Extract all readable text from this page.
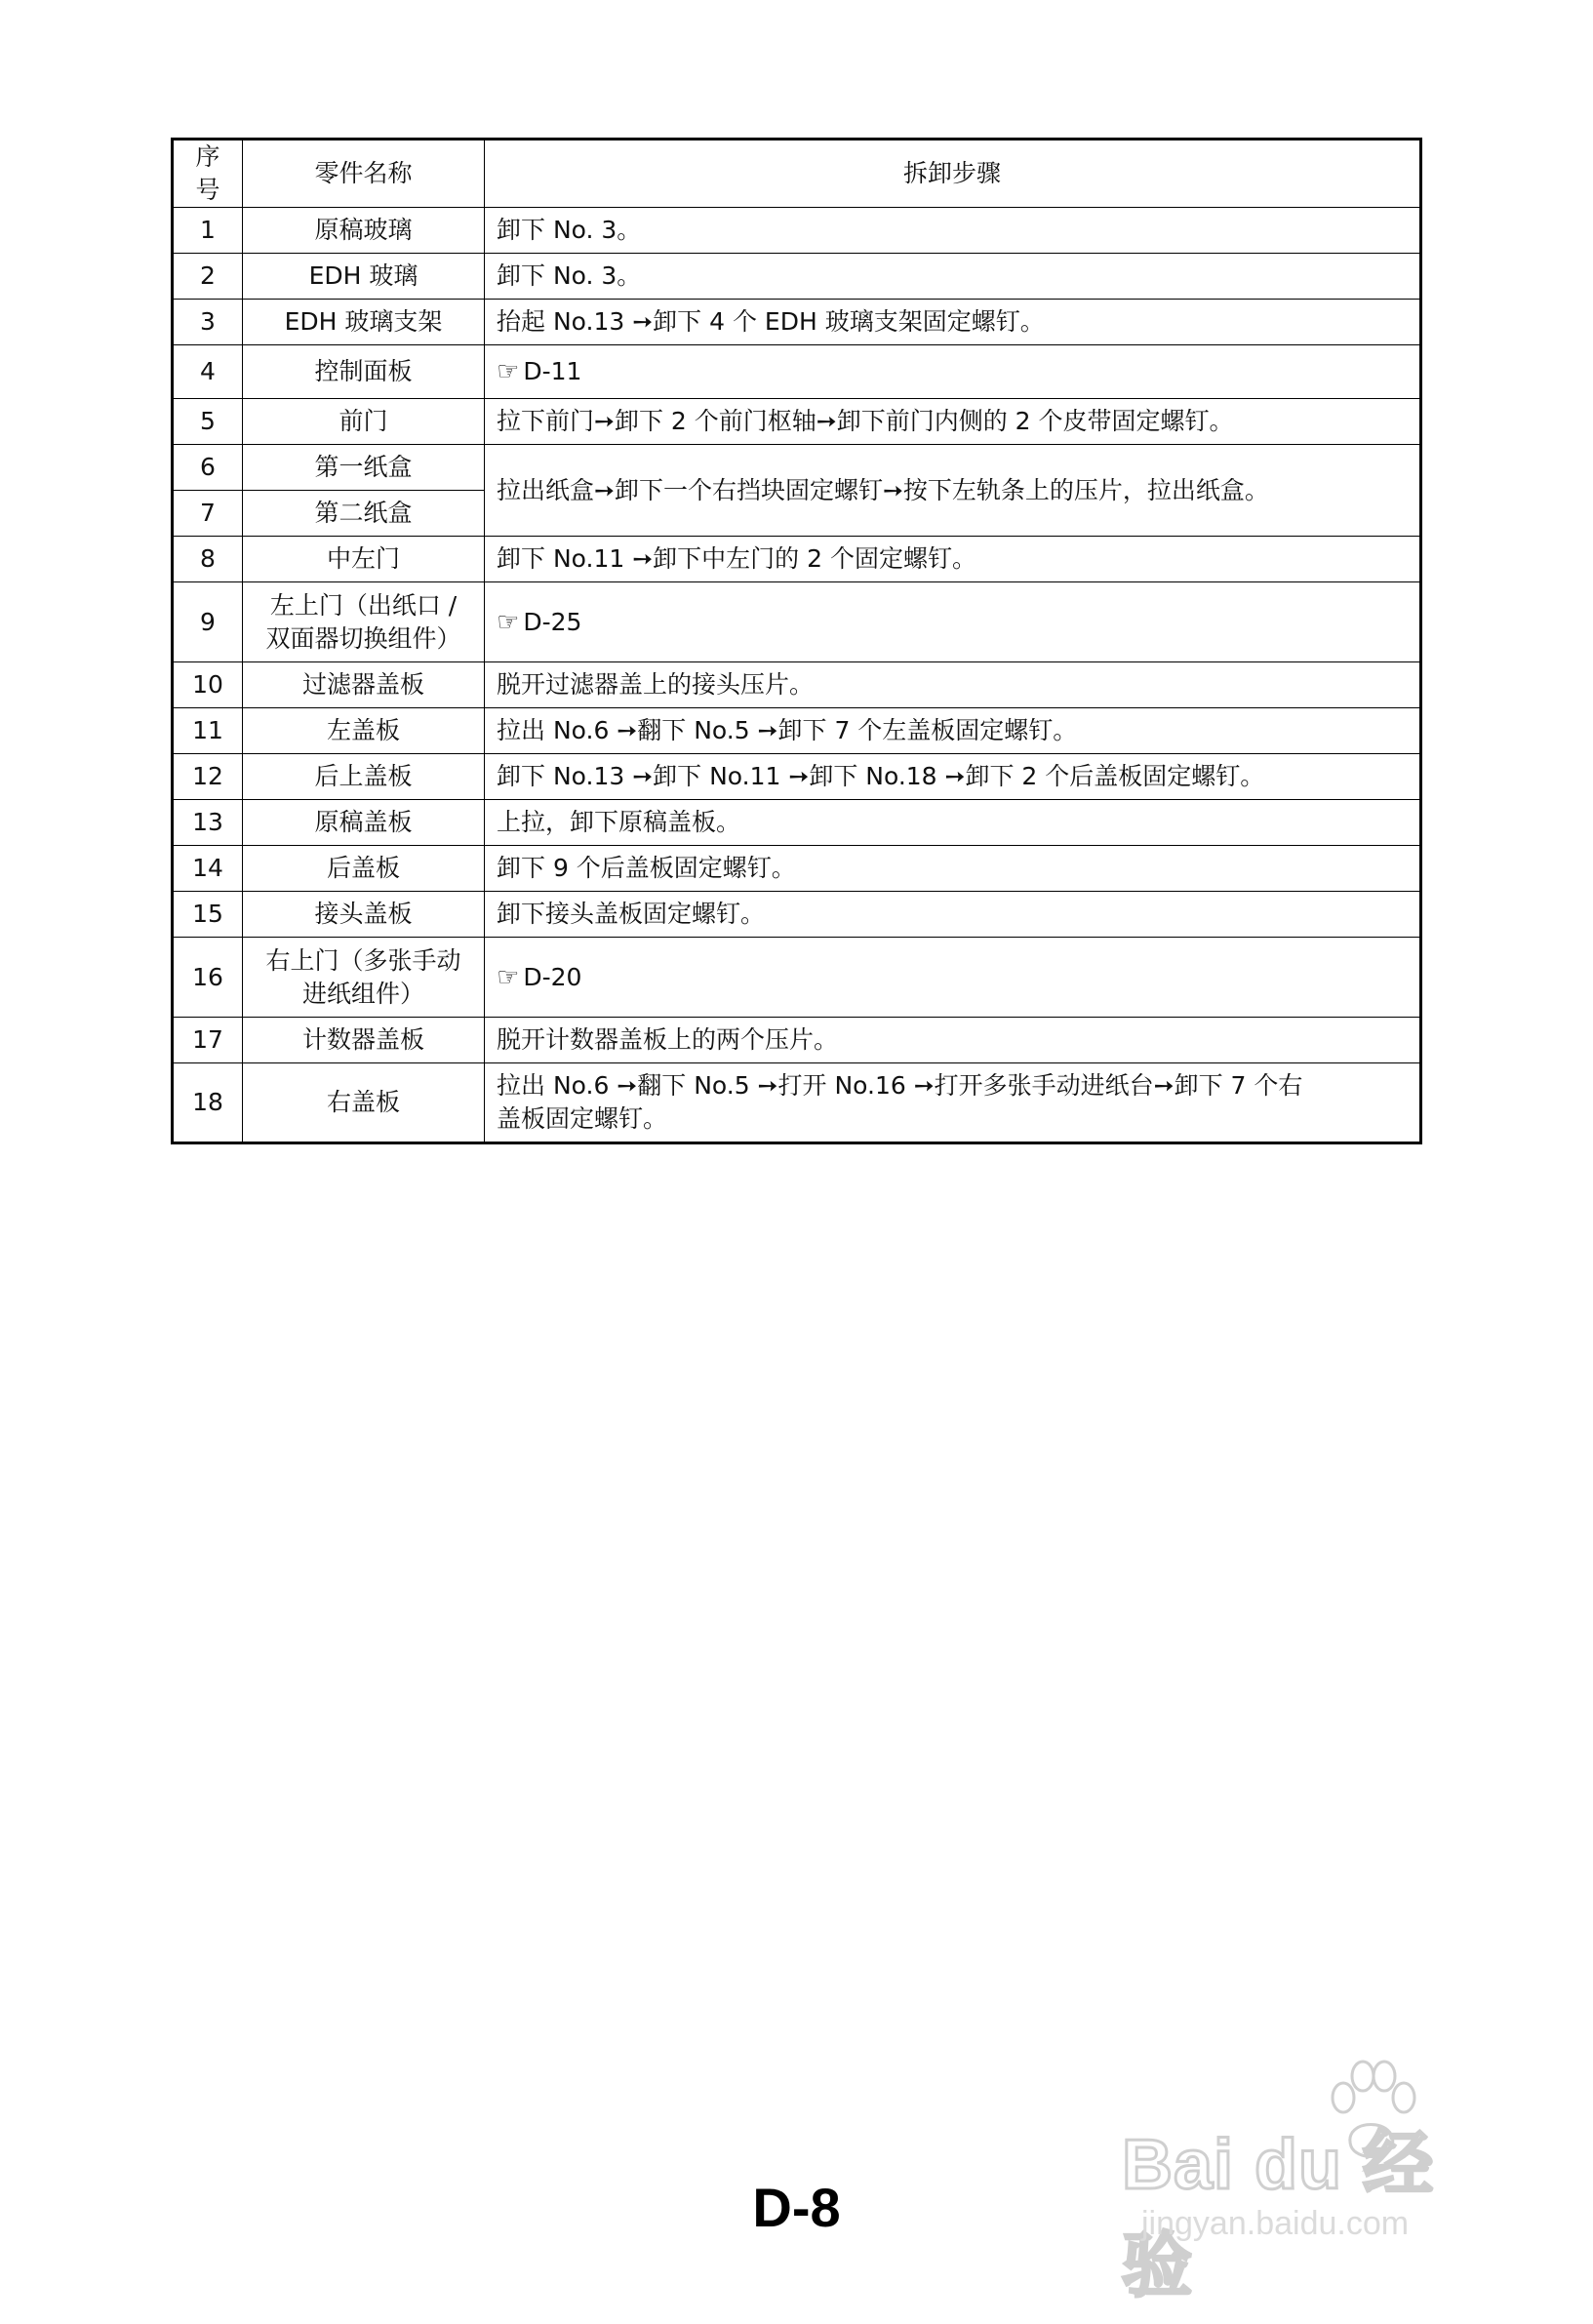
序号	零件名称	拆卸步骤
1	原稿玻璃	卸下 No. 3。
2	EDH 玻璃	卸下 No. 3。
3	EDH 玻璃支架	抬起 No.13 ➙卸下 4 个 EDH 玻璃支架固定螺钉。
4	控制面板	☞ D-11
5	前门	拉下前门➙卸下 2 个前门枢轴➙卸下前门内侧的 2 个皮带固定螺钉。
6	第一纸盒	拉出纸盒➙卸下一个右挡块固定螺钉➙按下左轨条上的压片，拉出纸盒。
7	第二纸盒	
8	中左门	卸下 No.11 ➙卸下中左门的 2 个固定螺钉。
9	左上门（出纸口 /
双面器切换组件）	☞ D-25
10	过滤器盖板	脱开过滤器盖上的接头压片。
11	左盖板	拉出 No.6 ➙翻下 No.5 ➙卸下 7 个左盖板固定螺钉。
12	后上盖板	卸下 No.13 ➙卸下 No.11 ➙卸下 No.18 ➙卸下 2 个后盖板固定螺钉。
13	原稿盖板	上拉，卸下原稿盖板。
14	后盖板	卸下 9 个后盖板固定螺钉。
15	接头盖板	卸下接头盖板固定螺钉。
16	右上门（多张手动
进纸组件）	☞ D-20
17	计数器盖板	脱开计数器盖板上的两个压片。
18	右盖板	拉出 No.6 ➙翻下 No.5 ➙打开 No.16 ➙打开多张手动进纸台➙卸下 7 个右
盖板固定螺钉。
Bai du 经验
jingyan.baidu.com
D-8
